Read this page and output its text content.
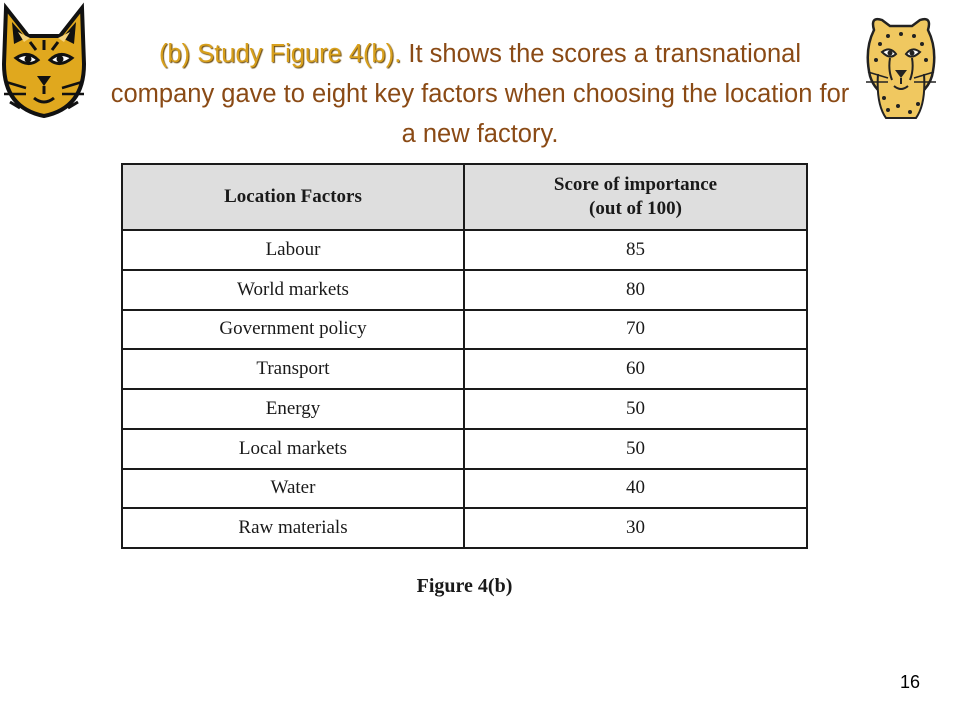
(b) Study Figure 4(b). It shows the scores a transnational company gave to eight key factors when choosing the location for a new factory.
Location Factors	Score of importance
(out of 100)
Labour	85
World markets	80
Government policy	70
Transport	60
Energy	50
Local markets	50
Water	40
Raw materials	30
Figure 4(b)
16
